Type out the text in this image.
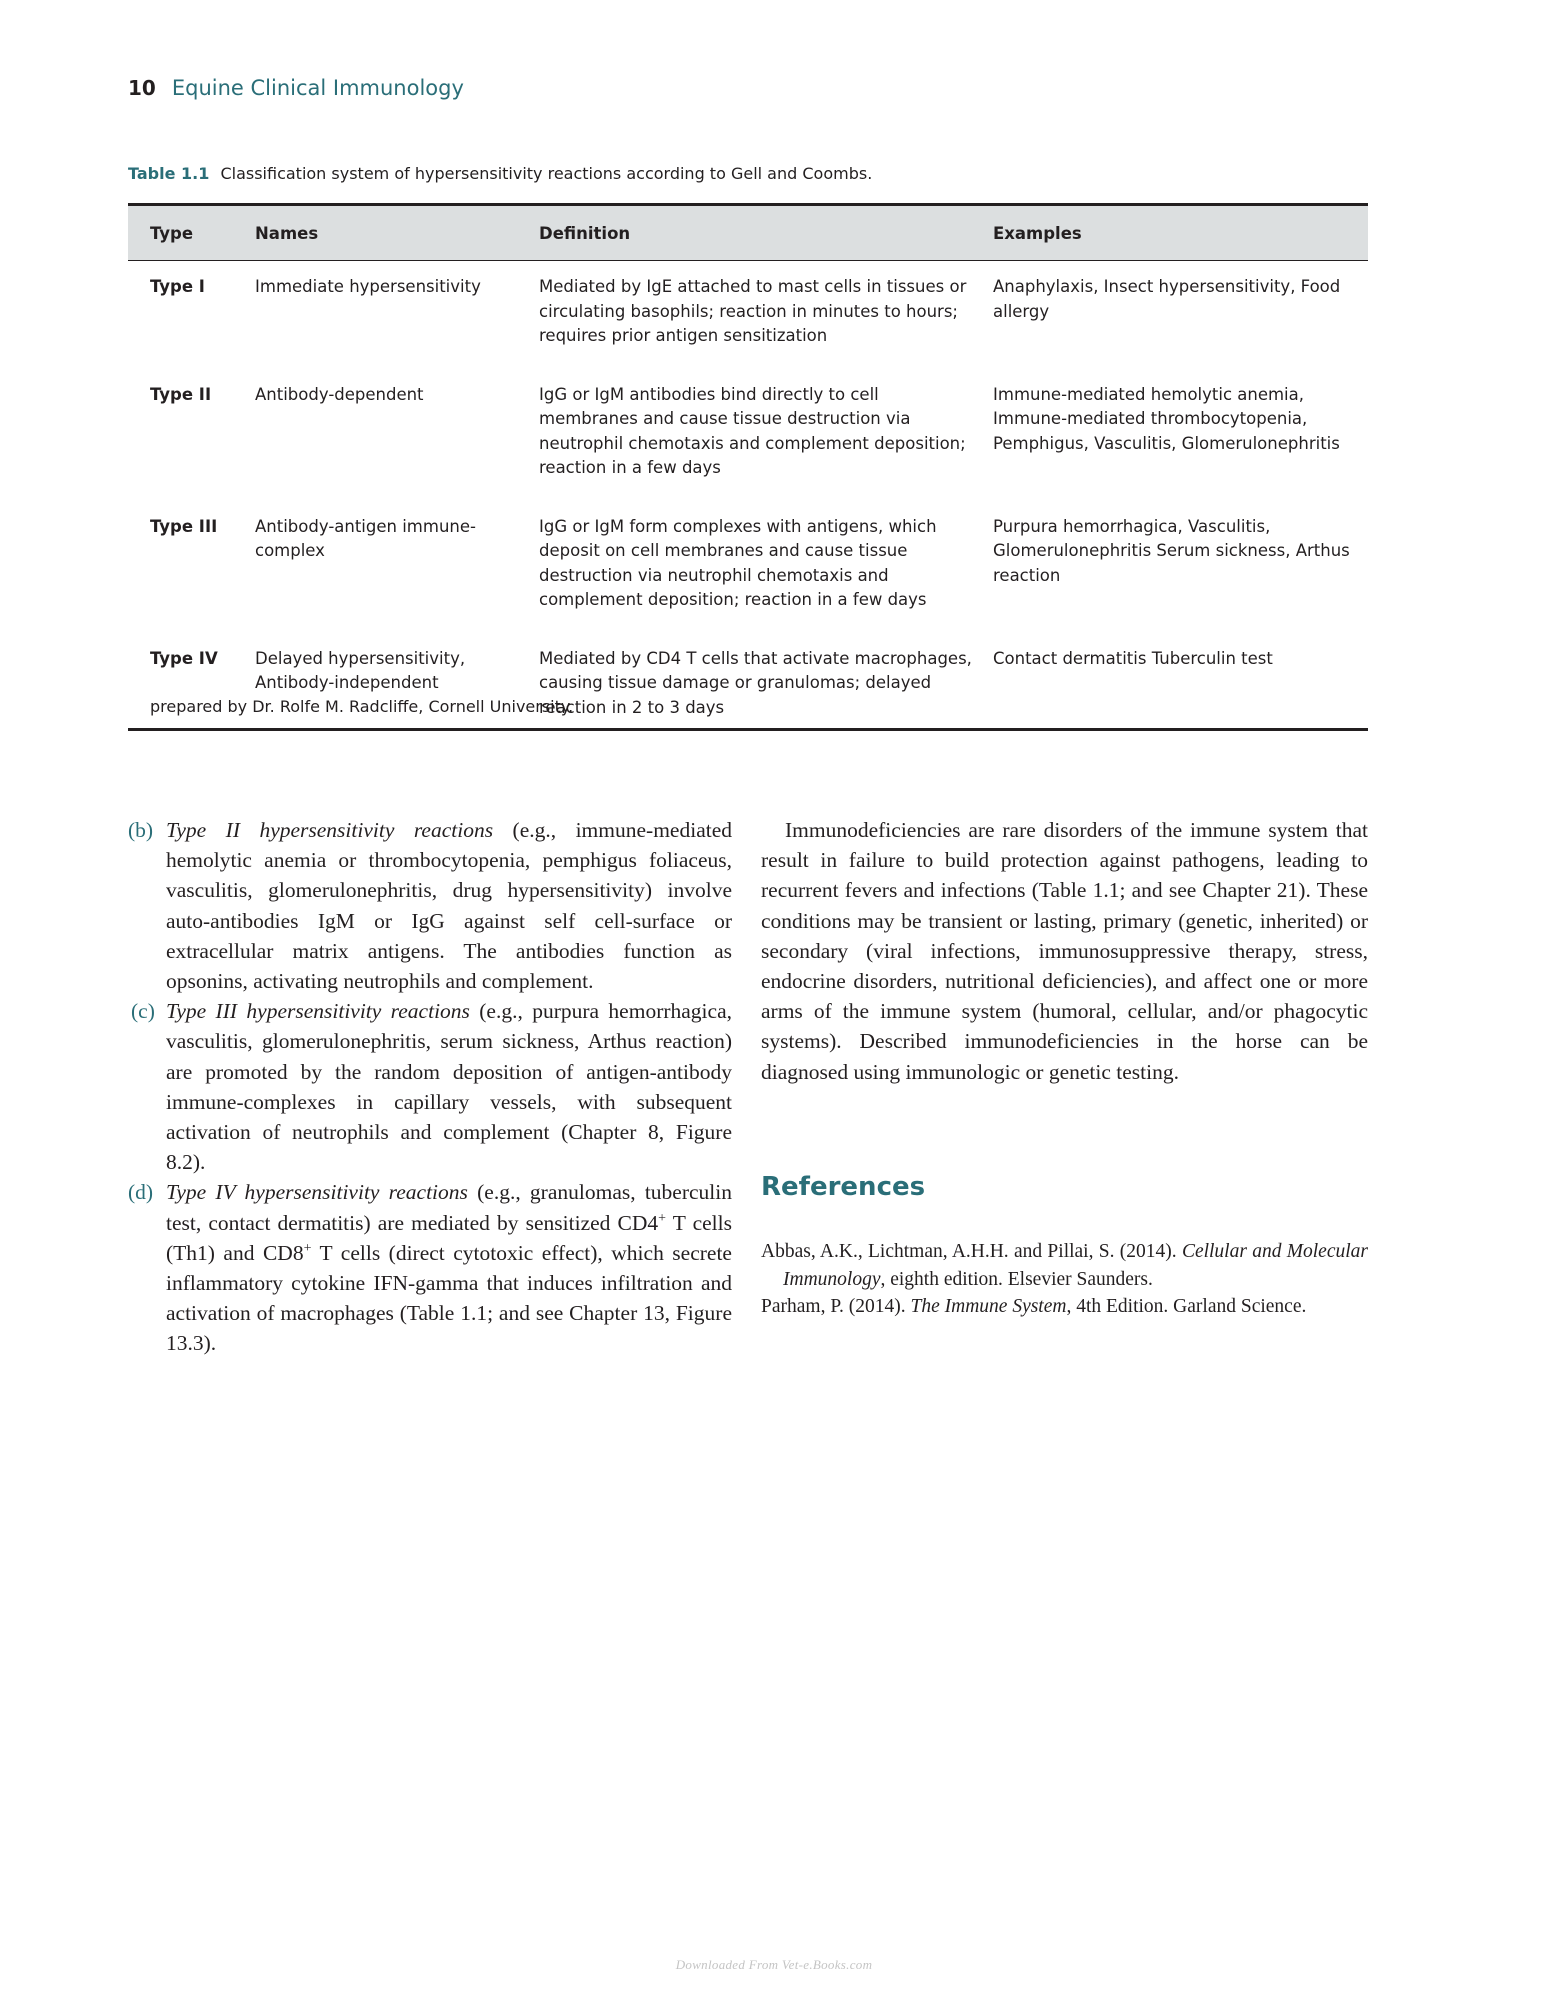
10 Equine Clinical Immunology
Table 1.1 Classification system of hypersensitivity reactions according to Gell and Coombs.
Type	Names	Definition	Examples
Type I	Immediate hypersensitivity	Mediated by IgE attached to mast cells in tissues or circulating basophils; reaction in minutes to hours; requires prior antigen sensitization	Anaphylaxis, Insect hypersensitivity, Food allergy
Type II	Antibody-dependent	IgG or IgM antibodies bind directly to cell membranes and cause tissue destruction via neutrophil chemotaxis and complement deposition; reaction in a few days	Immune-mediated hemolytic anemia, Immune-mediated thrombocytopenia, Pemphigus, Vasculitis, Glomerulonephritis
Type III	Antibody-antigen immune-complex	IgG or IgM form complexes with antigens, which deposit on cell membranes and cause tissue destruction via neutrophil chemotaxis and complement deposition; reaction in a few days	Purpura hemorrhagica, Vasculitis, Glomerulonephritis Serum sickness, Arthus reaction
Type IV	Delayed hypersensitivity, Antibody-independent	Mediated by CD4 T cells that activate macrophages, causing tissue damage or granulomas; delayed reaction in 2 to 3 days	Contact dermatitis Tuberculin test
prepared by Dr. Rolfe M. Radcliffe, Cornell University.
(b) Type II hypersensitivity reactions (e.g., immune-mediated hemolytic anemia or thrombocytopenia, pemphigus foliaceus, vasculitis, glomerulonephritis, drug hypersensitivity) involve auto-antibodies IgM or IgG against self cell-surface or extracellular matrix antigens. The antibodies function as opsonins, activating neutrophils and complement.
(c) Type III hypersensitivity reactions (e.g., purpura hemorrhagica, vasculitis, glomerulonephritis, serum sickness, Arthus reaction) are promoted by the random deposition of antigen-antibody immune-complexes in capillary vessels, with subsequent activation of neutrophils and complement (Chapter 8, Figure 8.2).
(d) Type IV hypersensitivity reactions (e.g., granulomas, tuberculin test, contact dermatitis) are mediated by sensitized CD4+ T cells (Th1) and CD8+ T cells (direct cytotoxic effect), which secrete inflammatory cytokine IFN-gamma that induces infiltration and activation of macrophages (Table 1.1; and see Chapter 13, Figure 13.3).

Immunodeficiencies are rare disorders of the immune system that result in failure to build protection against pathogens, leading to recurrent fevers and infections (Table 1.1; and see Chapter 21). These conditions may be transient or lasting, primary (genetic, inherited) or secondary (viral infections, immunosuppressive therapy, stress, endocrine disorders, nutritional deficiencies), and affect one or more arms of the immune system (humoral, cellular, and/or phagocytic systems). Described immunodeficiencies in the horse can be diagnosed using immunologic or genetic testing.

References
Abbas, A.K., Lichtman, A.H.H. and Pillai, S. (2014). Cellular and Molecular Immunology, eighth edition. Elsevier Saunders.
Parham, P. (2014). The Immune System, 4th Edition. Garland Science.
Downloaded From Vet-e.Books.com
